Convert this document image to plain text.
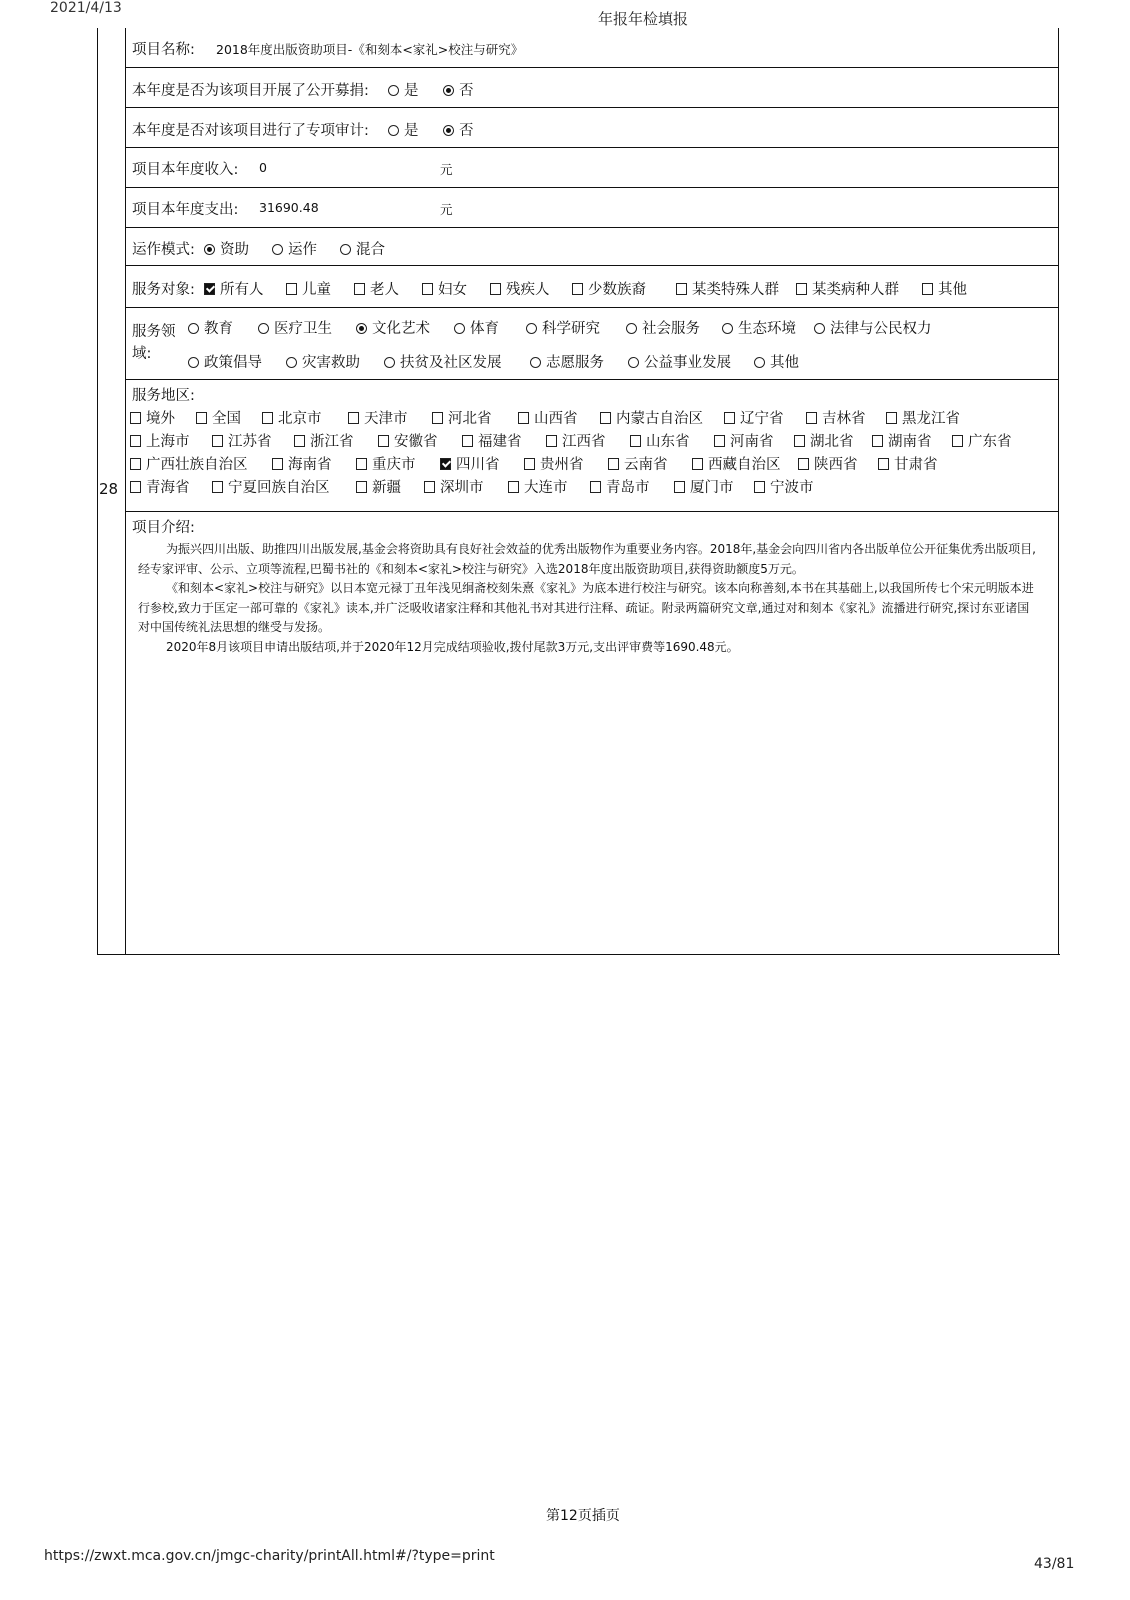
2021/4/13
年报年检填报
28
项目名称: 2018年度出版资助项目-《和刻本<家礼>校注与研究》
本年度是否为该项目开展了公开募捐:	是	否
本年度是否对该项目进行了专项审计:	是	否
项目本年度收入: 0	元
项目本年度支出: 31690.48	元
运作模式:	资助	运作	混合
服务对象:	所有人	儿童	老人	妇女	残疾人	少数族裔	某类特殊人群	某类病种人群	其他
服务领
域:
教育	医疗卫生	文化艺术	体育	科学研究	社会服务	生态环境	法律与公民权力
政策倡导	灾害救助	扶贫及社区发展	志愿服务	公益事业发展	其他
服务地区:
境外	全国	北京市	天津市	河北省	山西省	内蒙古自治区	辽宁省	吉林省	黑龙江省
上海市	江苏省	浙江省	安徽省	福建省	江西省	山东省	河南省	湖北省	湖南省	广东省
广西壮族自治区	海南省	重庆市	四川省	贵州省	云南省	西藏自治区	陕西省	甘肃省
青海省	宁夏回族自治区	新疆	深圳市	大连市	青岛市	厦门市	宁波市
项目介绍:
为振兴四川出版、助推四川出版发展,基金会将资助具有良好社会效益的优秀出版物作为重要业务内容。2018年,基金会向四川省内各出版单位公开征集优秀出版项目,经专家评审、公示、立项等流程,巴蜀书社的《和刻本<家礼>校注与研究》入选2018年度出版资助项目,获得资助额度5万元。
《和刻本<家礼>校注与研究》以日本宽元禄丁丑年浅见䌹斋校刻朱熹《家礼》为底本进行校注与研究。该本向称善刻,本书在其基础上,以我国所传七个宋元明版本进行参校,致力于匡定一部可靠的《家礼》读本,并广泛吸收诸家注释和其他礼书对其进行注释、疏证。附录两篇研究文章,通过对和刻本《家礼》流播进行研究,探讨东亚诸国对中国传统礼法思想的继受与发扬。
2020年8月该项目申请出版结项,并于2020年12月完成结项验收,拨付尾款3万元,支出评审费等1690.48元。
第12页插页
https://zwxt.mca.gov.cn/jmgc-charity/printAll.html#/?type=print	43/81
